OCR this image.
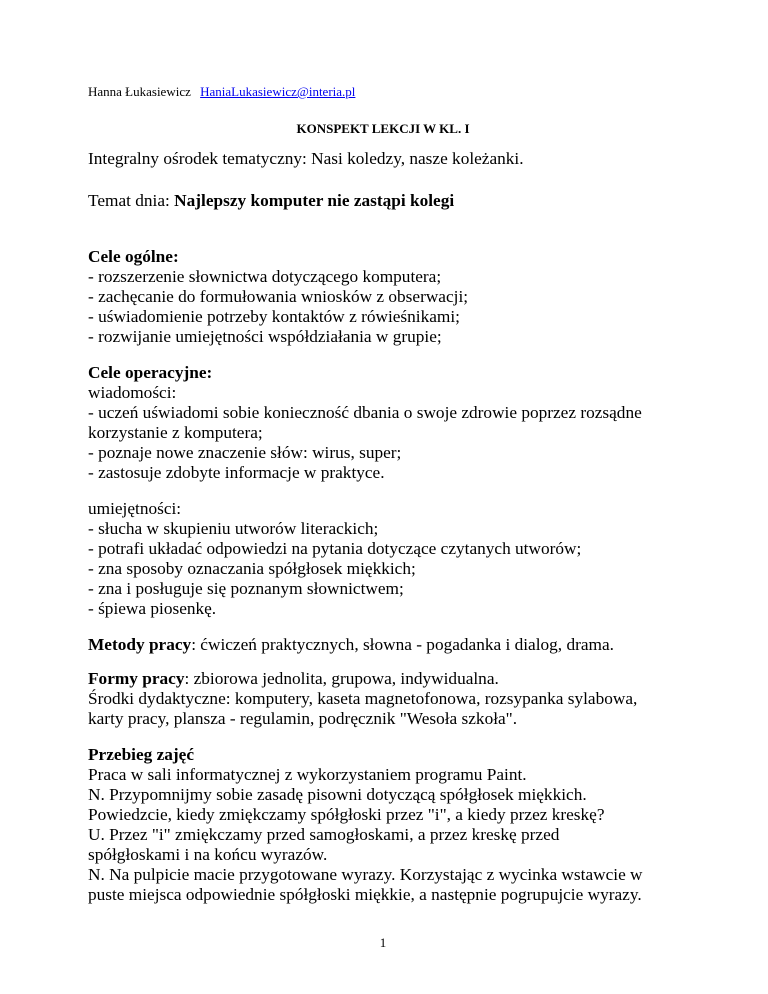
Hanna Łukasiewicz HaniaLukasiewicz@interia.pl
KONSPEKT LEKCJI W KL. I
Integralny ośrodek tematyczny: Nasi koledzy, nasze koleżanki.
Temat dnia: Najlepszy komputer nie zastąpi kolegi
Cele ogólne:
- rozszerzenie słownictwa dotyczącego komputera;
- zachęcanie do formułowania wniosków z obserwacji;
- uświadomienie potrzeby kontaktów z rówieśnikami;
- rozwijanie umiejętności współdziałania w grupie;
Cele operacyjne:
wiadomości:
- uczeń uświadomi sobie konieczność dbania o swoje zdrowie poprzez rozsądne
korzystanie z komputera;
- poznaje nowe znaczenie słów: wirus, super;
- zastosuje zdobyte informacje w praktyce.
umiejętności:
- słucha w skupieniu utworów literackich;
- potrafi układać odpowiedzi na pytania dotyczące czytanych utworów;
- zna sposoby oznaczania spółgłosek miękkich;
- zna i posługuje się poznanym słownictwem;
- śpiewa piosenkę.
Metody pracy: ćwiczeń praktycznych, słowna - pogadanka i dialog, drama.
Formy pracy: zbiorowa jednolita, grupowa, indywidualna.
Środki dydaktyczne: komputery, kaseta magnetofonowa, rozsypanka sylabowa,
karty pracy, plansza - regulamin, podręcznik "Wesoła szkoła".
Przebieg zajęć
Praca w sali informatycznej z wykorzystaniem programu Paint.
N. Przypomnijmy sobie zasadę pisowni dotyczącą spółgłosek miękkich.
Powiedzcie, kiedy zmiękczamy spółgłoski przez "i", a kiedy przez kreskę?
U. Przez "i" zmiękczamy przed samogłoskami, a przez kreskę przed
spółgłoskami i na końcu wyrazów.
N. Na pulpicie macie przygotowane wyrazy. Korzystając z wycinka wstawcie w
puste miejsca odpowiednie spółgłoski miękkie, a następnie pogrupujcie wyrazy.
1
